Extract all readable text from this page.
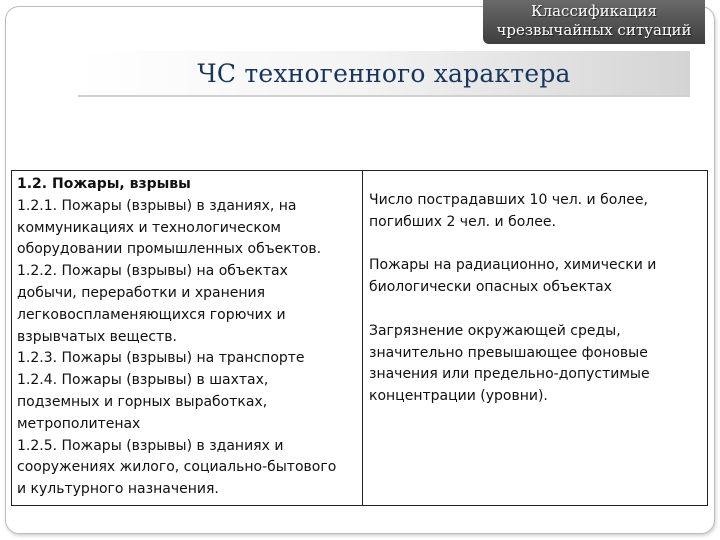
Классификация
чрезвычайных ситуаций
ЧС техногенного характера
1.2. Пожары, взрывы
1.2.1. Пожары (взрывы) в зданиях, на
коммуникациях и технологическом
оборудовании промышленных объектов.
1.2.2. Пожары (взрывы) на объектах
добычи, переработки и хранения
легковоспламеняющихся горючих и
взрывчатых веществ.
1.2.3. Пожары (взрывы) на транспорте
1.2.4. Пожары (взрывы) в шахтах,
подземных и горных выработках,
метрополитенах
1.2.5. Пожары (взрывы) в зданиях и
сооружениях жилого, социально-бытового
и культурного назначения.
Число пострадавших 10 чел. и более,
погибших 2 чел. и более.
Пожары на радиационно, химически и
биологически опасных объектах
Загрязнение окружающей среды,
значительно превышающее фоновые
значения или предельно-допустимые
концентрации (уровни).
